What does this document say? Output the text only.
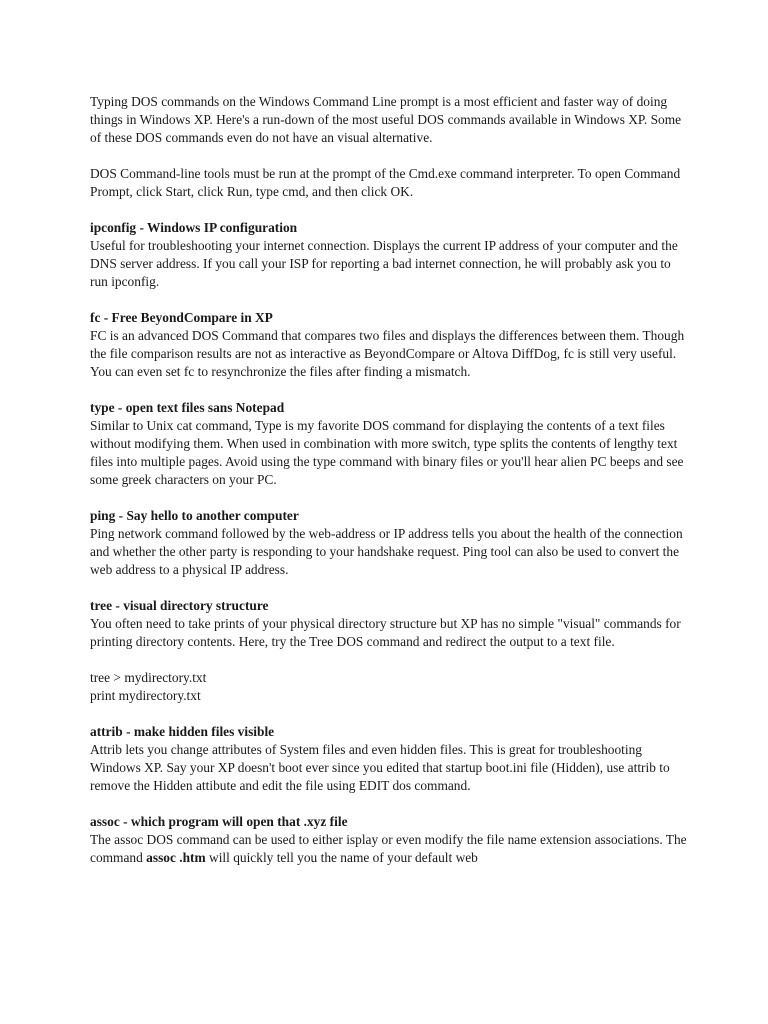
Typing DOS commands on the Windows Command Line prompt is a most efficient and faster way of doing things in Windows XP. Here's a run-down of the most useful DOS commands available in Windows XP. Some of these DOS commands even do not have an visual alternative.

DOS Command-line tools must be run at the prompt of the Cmd.exe command interpreter. To open Command Prompt, click Start, click Run, type cmd, and then click OK.

ipconfig - Windows IP configuration

Useful for troubleshooting your internet connection. Displays the current IP address of your computer and the DNS server address. If you call your ISP for reporting a bad internet connection, he will probably ask you to run ipconfig.

fc - Free BeyondCompare in XP

FC is an advanced DOS Command that compares two files and displays the differences between them. Though the file comparison results are not as interactive as BeyondCompare or Altova DiffDog, fc is still very useful. You can even set fc to resynchronize the files after finding a mismatch.

type - open text files sans Notepad

Similar to Unix cat command, Type is my favorite DOS command for displaying the contents of a text files without modifying them. When used in combination with more switch, type splits the contents of lengthy text files into multiple pages. Avoid using the type command with binary files or you'll hear alien PC beeps and see some greek characters on your PC.

ping - Say hello to another computer

Ping network command followed by the web-address or IP address tells you about the health of the connection and whether the other party is responding to your handshake request. Ping tool can also be used to convert the web address to a physical IP address.

tree - visual directory structure

You often need to take prints of your physical directory structure but XP has no simple "visual" commands for printing directory contents. Here, try the Tree DOS command and redirect the output to a text file.

tree > mydirectory.txt
print mydirectory.txt
attrib - make hidden files visible

Attrib lets you change attributes of System files and even hidden files. This is great for troubleshooting Windows XP. Say your XP doesn't boot ever since you edited that startup boot.ini file (Hidden), use attrib to remove the Hidden attibute and edit the file using EDIT dos command.

assoc - which program will open that .xyz file

The assoc DOS command can be used to either isplay or even modify the file name extension associations. The command assoc .htm will quickly tell you the name of your default web
